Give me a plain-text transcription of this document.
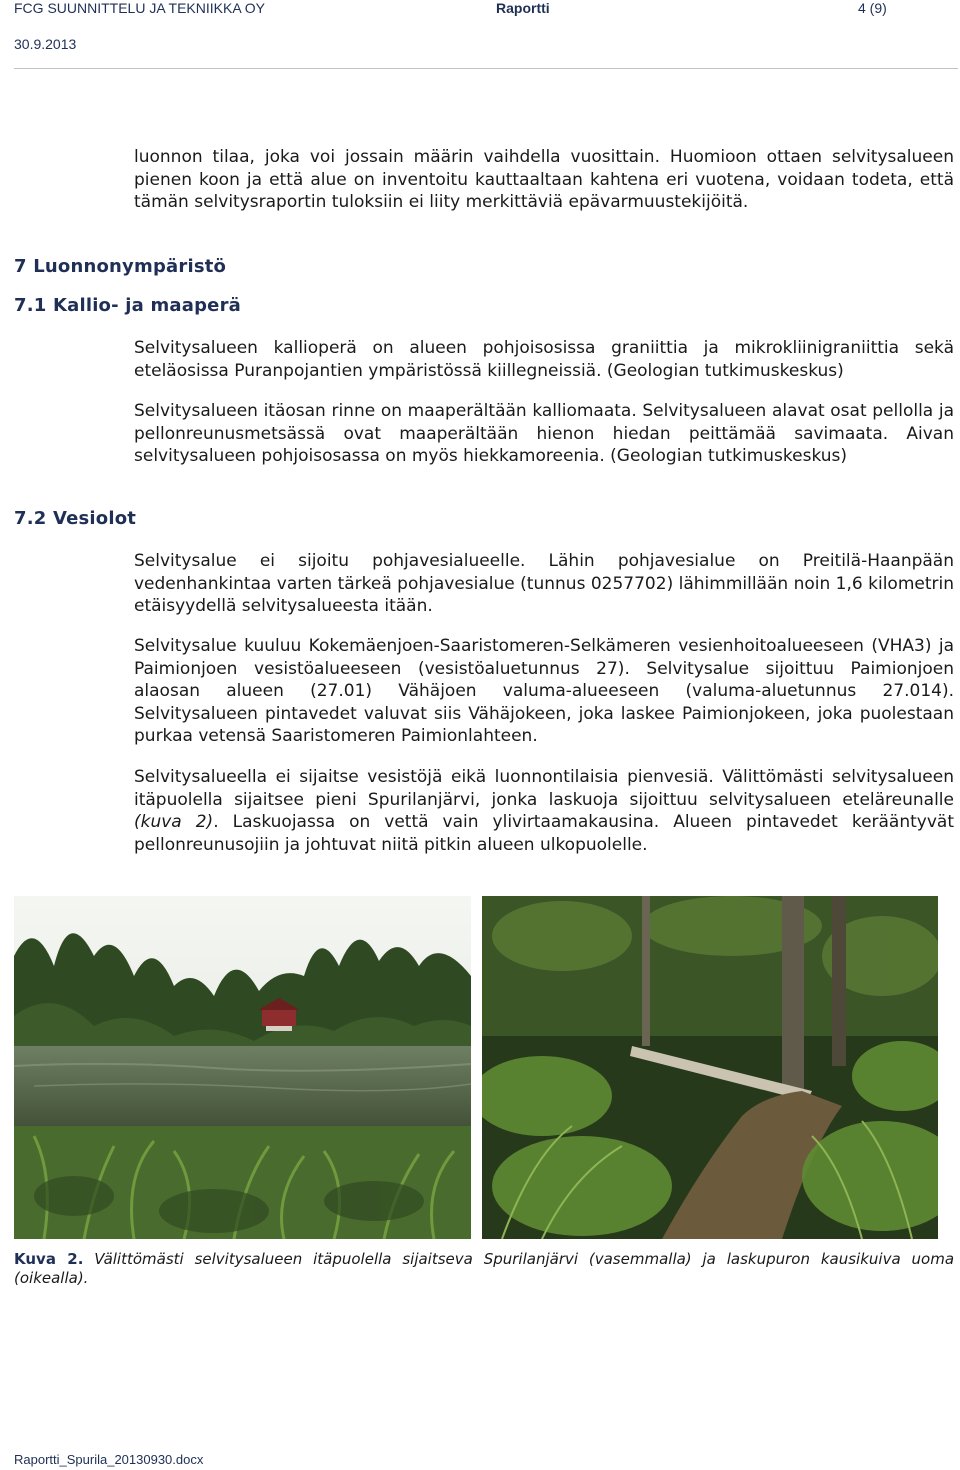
FCG SUUNNITTELU JA TEKNIIKKA OY	Raportti	4 (9)
30.9.2013
luonnon tilaa, joka voi jossain määrin vaihdella vuosittain. Huomioon ottaen selvitysalueen pienen koon ja että alue on inventoitu kauttaaltaan kahtena eri vuotena, voidaan todeta, että tämän selvitysraportin tuloksiin ei liity merkittäviä epävarmuustekijöitä.
7 Luonnonympäristö
7.1 Kallio- ja maaperä
Selvitysalueen kallioperä on alueen pohjoisosissa graniittia ja mikrokliinigraniittia sekä eteläosissa Puranpojantien ympäristössä kiillegneissiä. (Geologian tutkimuskeskus)
Selvitysalueen itäosan rinne on maaperältään kalliomaata. Selvitysalueen alavat osat pellolla ja pellonreunusmetsässä ovat maaperältään hienon hiedan peittämää savimaata. Aivan selvitysalueen pohjoisosassa on myös hiekkamoreenia. (Geologian tutkimuskeskus)
7.2 Vesiolot
Selvitysalue ei sijoitu pohjavesialueelle. Lähin pohjavesialue on Preitilä-Haanpään vedenhankintaa varten tärkeä pohjavesialue (tunnus 0257702) lähimmillään noin 1,6 kilometrin etäisyydellä selvitysalueesta itään.
Selvitysalue kuuluu Kokemäenjoen-Saaristomeren-Selkämeren vesienhoitoalueeseen (VHA3) ja Paimionjoen vesistöalueeseen (vesistöaluetunnus 27). Selvitysalue sijoittuu Paimionjoen alaosan alueen (27.01) Vähäjoen valuma-alueeseen (valuma-aluetunnus 27.014). Selvitysalueen pintavedet valuvat siis Vähäjokeen, joka laskee Paimionjokeen, joka puolestaan purkaa vetensä Saaristomeren Paimionlahteen.
Selvitysalueella ei sijaitse vesistöjä eikä luonnontilaisia pienvesiä. Välittömästi selvitysalueen itäpuolella sijaitsee pieni Spurilanjärvi, jonka laskuoja sijoittuu selvitysalueen eteläreunalle (kuva 2). Laskuojassa on vettä vain ylivirtaamakausina. Alueen pintavedet kerääntyvät pellonreunusojiin ja johtuvat niitä pitkin alueen ulkopuolelle.
Kuva 2. Välittömästi selvitysalueen itäpuolella sijaitseva Spurilanjärvi (vasemmalla) ja laskupuron kausikuiva uoma (oikealla).
Raportti_Spurila_20130930.docx
